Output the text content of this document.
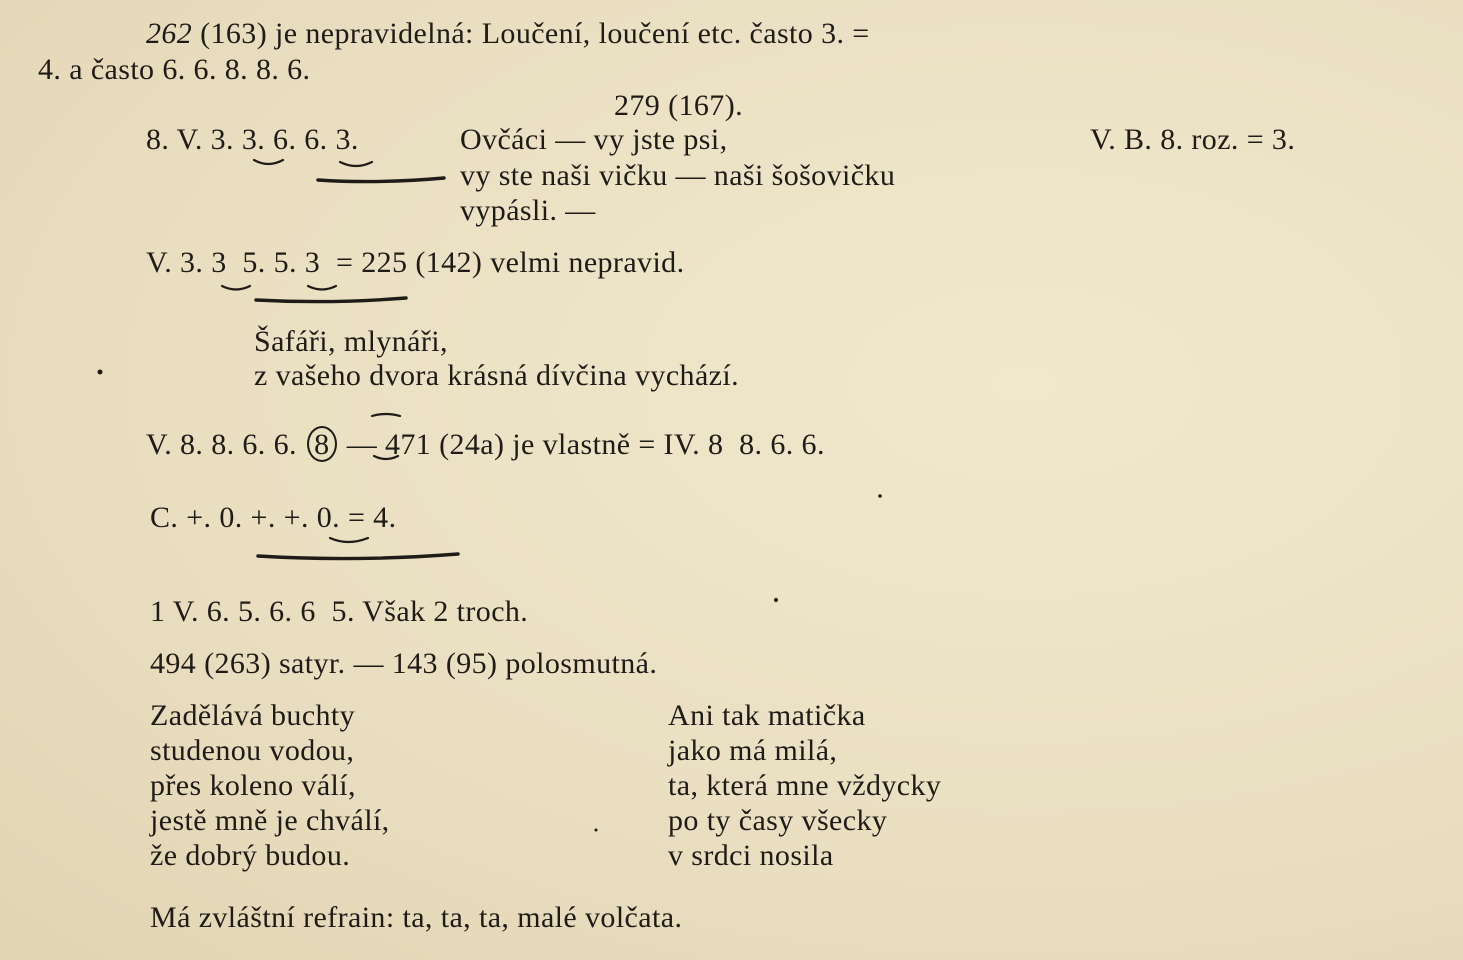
262 (163) je nepravidelná: Loučení, loučení etc. často 3. =
4. a často 6. 6. 8. 8. 6.
279 (167).
8. V. 3. 3. 6. 6. 3.	Ovčáci — vy jste psi,	V. B. 8. roz. = 3.
vy ste naši vičku — naši šošovičku
vypásli. —
V. 3. 3  5. 5. 3  = 225 (142) velmi nepravid.
Šafáři, mlynáři,
z vašeho dvora krásná dívčina vychází.
V. 8. 8. 6. 6. 8 — 471 (24a) je vlastně = IV. 8  8. 6. 6.
C. +. 0. +. +. 0. = 4.
1 V. 6. 5. 6. 6  5. Však 2 troch.
494 (263) satyr. — 143 (95) polosmutná.
Zadělává buchty
studenou vodou,
přes koleno válí,
jestě mně je chválí,
že dobrý budou.
Ani tak matička
jako má milá,
ta, která mne vždycky
po ty časy všecky
v srdci nosila
Má zvláštní refrain: ta, ta, ta, malé volčata.
